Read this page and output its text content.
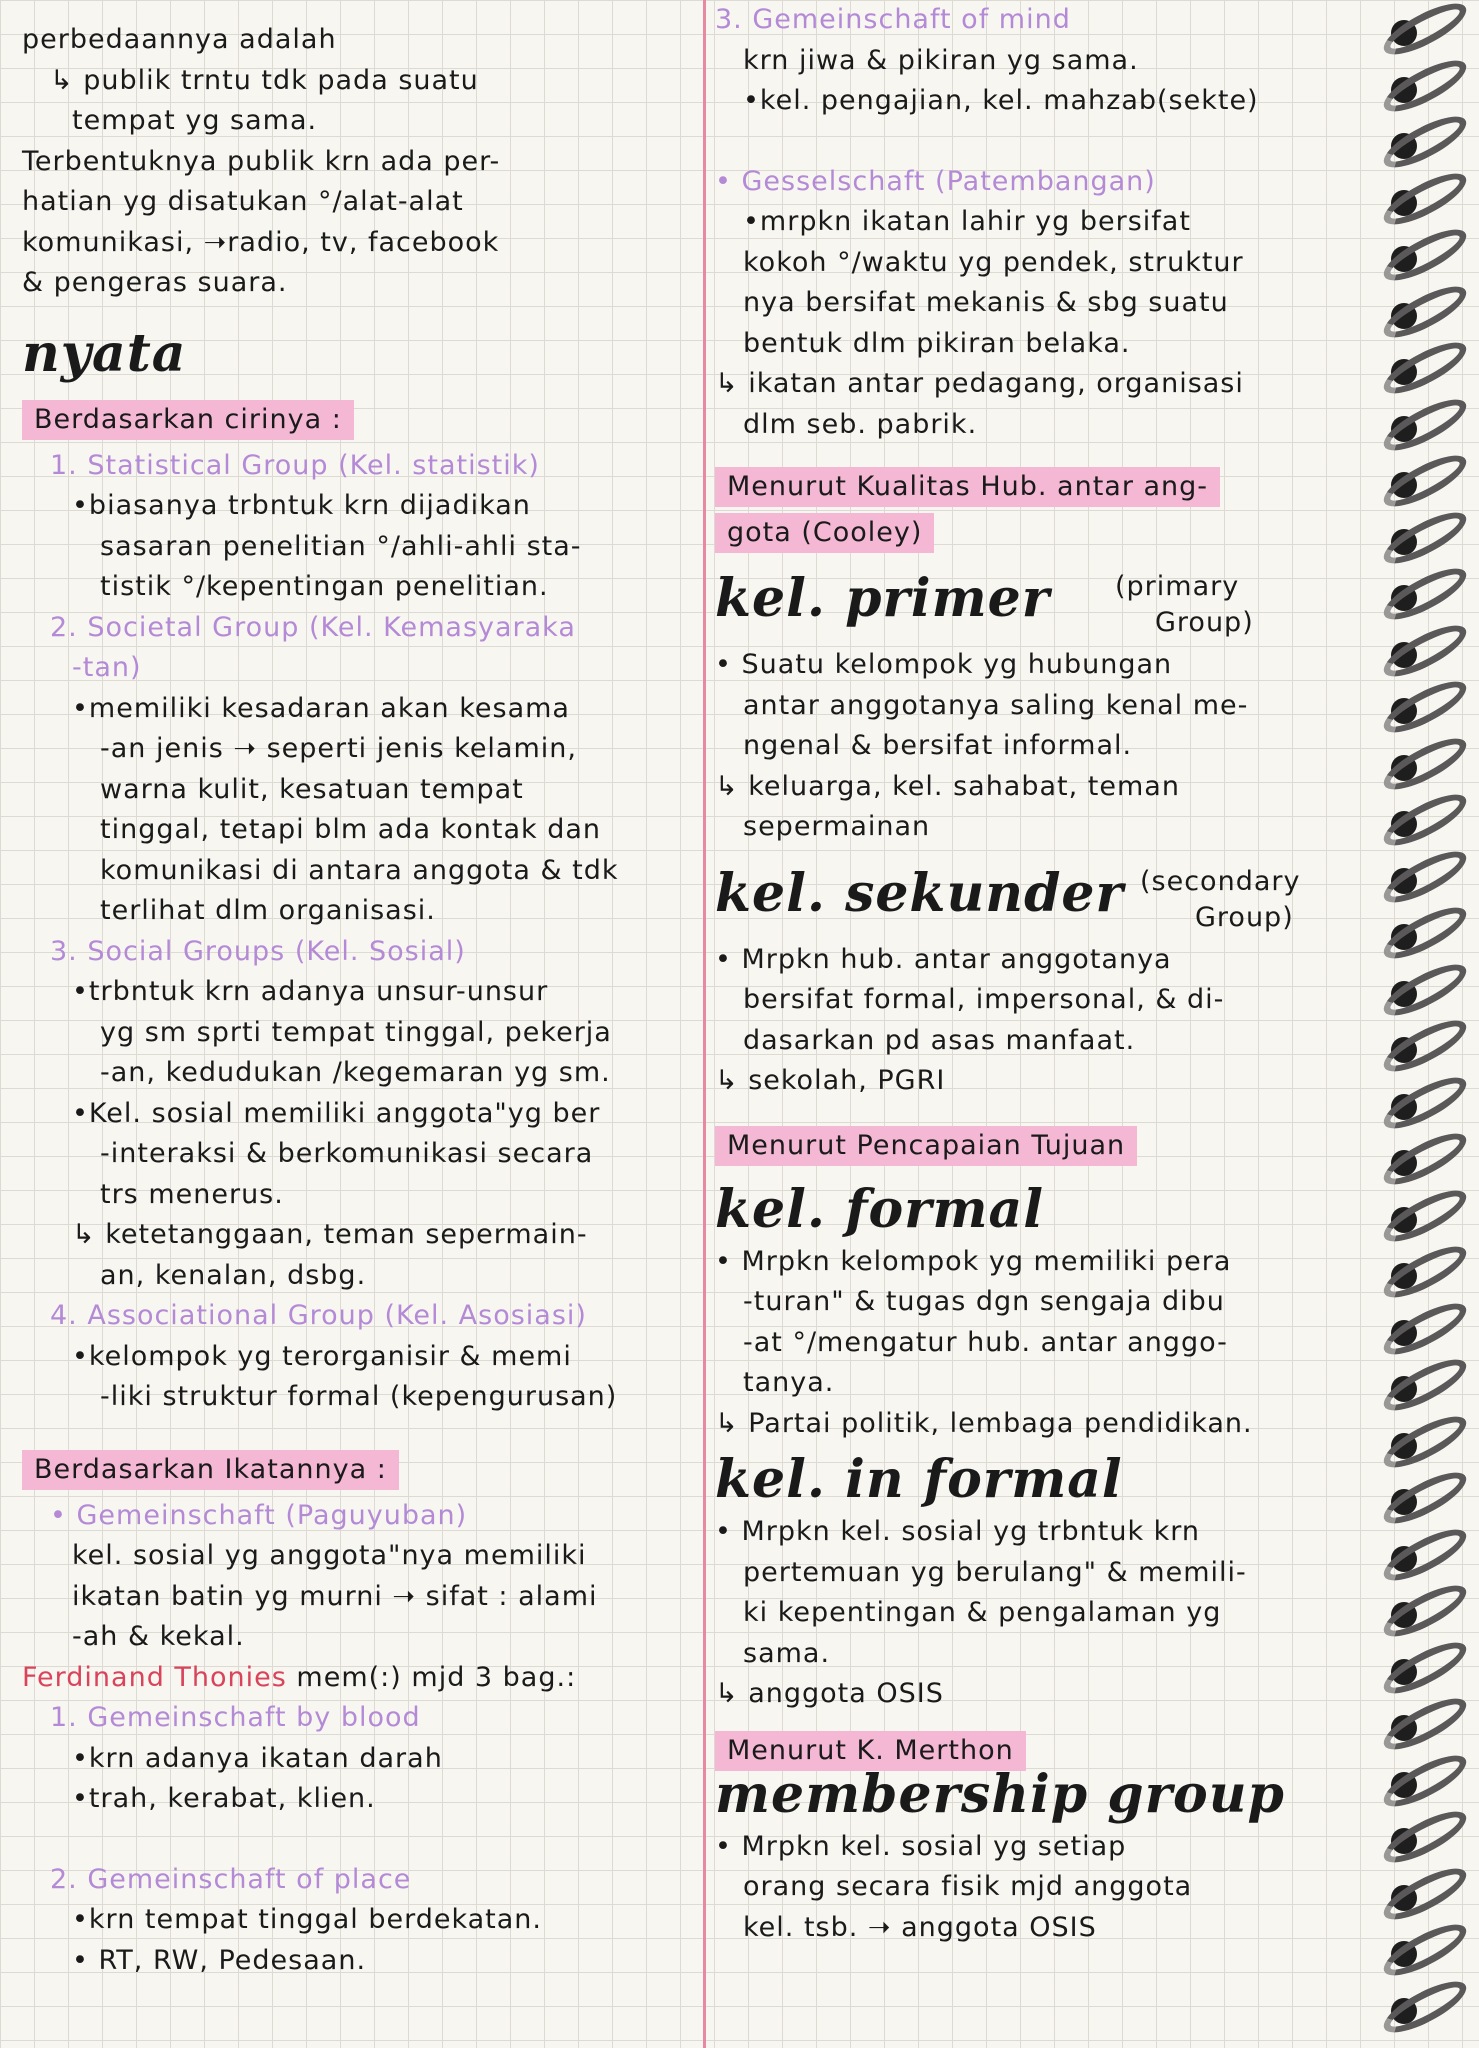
perbedaannya adalah
↳ publik trntu tdk pada suatu
tempat yg sama.
Terbentuknya publik krn ada per-
hatian yg disatukan °/alat-alat
komunikasi, ➝radio, tv, facebook
& pengeras suara.
nyata
Berdasarkan cirinya :
1. Statistical Group (Kel. statistik)
•biasanya trbntuk krn dijadikan
sasaran penelitian °/ahli-ahli sta-
tistik °/kepentingan penelitian.
2. Societal Group (Kel. Kemasyaraka
-tan)
•memiliki kesadaran akan kesama
-an jenis ➝ seperti jenis kelamin,
warna kulit, kesatuan tempat
tinggal, tetapi blm ada kontak dan
komunikasi di antara anggota & tdk
terlihat dlm organisasi.
3. Social Groups (Kel. Sosial)
•trbntuk krn adanya unsur-unsur
yg sm sprti tempat tinggal, pekerja
-an, kedudukan /kegemaran yg sm.
•Kel. sosial memiliki anggota"yg ber
-interaksi & berkomunikasi secara
trs menerus.
↳ ketetanggaan, teman sepermain-
an, kenalan, dsbg.
4. Associational Group (Kel. Asosiasi)
•kelompok yg terorganisir & memi
-liki struktur formal (kepengurusan)
Berdasarkan Ikatannya :
• Gemeinschaft (Paguyuban)
kel. sosial yg anggota"nya memiliki
ikatan batin yg murni ➝ sifat : alami
-ah & kekal.
Ferdinand Thonies mem(:) mjd 3 bag.:
1. Gemeinschaft by blood
•krn adanya ikatan darah
•trah, kerabat, klien.
2. Gemeinschaft of place
•krn tempat tinggal berdekatan.
• RT, RW, Pedesaan.
3. Gemeinschaft of mind
krn jiwa & pikiran yg sama.
•kel. pengajian, kel. mahzab(sekte)
• Gesselschaft (Patembangan)
•mrpkn ikatan lahir yg bersifat
kokoh °/waktu yg pendek, struktur
nya bersifat mekanis & sbg suatu
bentuk dlm pikiran belaka.
↳ ikatan antar pedagang, organisasi
dlm seb. pabrik.
Menurut Kualitas Hub. antar ang-
gota (Cooley)
kel. primer	(primary
Group)
• Suatu kelompok yg hubungan
antar anggotanya saling kenal me-
ngenal & bersifat informal.
↳ keluarga, kel. sahabat, teman
sepermainan
kel. sekunder (secondary
Group)
• Mrpkn hub. antar anggotanya
bersifat formal, impersonal, & di-
dasarkan pd asas manfaat.
↳ sekolah, PGRI
Menurut Pencapaian Tujuan
kel. formal
• Mrpkn kelompok yg memiliki pera
-turan" & tugas dgn sengaja dibu
-at °/mengatur hub. antar anggo-
tanya.
↳ Partai politik, lembaga pendidikan.
kel. in formal
• Mrpkn kel. sosial yg trbntuk krn
pertemuan yg berulang" & memili-
ki kepentingan & pengalaman yg
sama.
↳ anggota OSIS
Menurut K. Merthon
membership group
• Mrpkn kel. sosial yg setiap
orang secara fisik mjd anggota
kel. tsb. ➝ anggota OSIS
